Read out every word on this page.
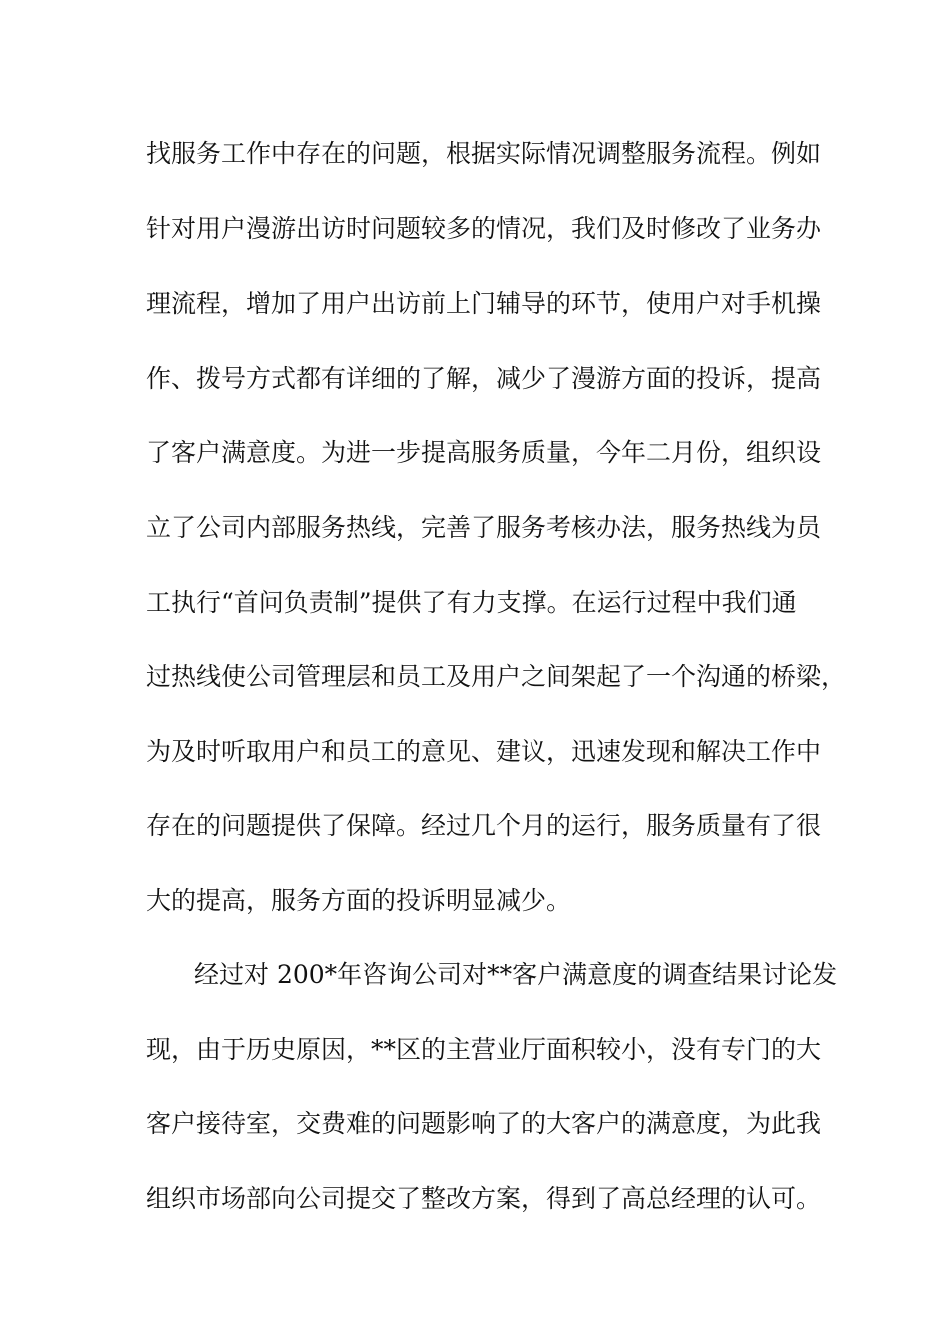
找服务工作中存在的问题，根据实际情况调整服务流程。例如
针对用户漫游出访时问题较多的情况，我们及时修改了业务办
理流程，增加了用户出访前上门辅导的环节，使用户对手机操
作、拨号方式都有详细的了解，减少了漫游方面的投诉，提高
了客户满意度。为进一步提高服务质量，今年二月份，组织设
立了公司内部服务热线，完善了服务考核办法，服务热线为员
工执行“首问负责制”提供了有力支撑。在运行过程中我们通
过热线使公司管理层和员工及用户之间架起了一个沟通的桥梁，
为及时听取用户和员工的意见、建议，迅速发现和解决工作中
存在的问题提供了保障。经过几个月的运行，服务质量有了很
大的提高，服务方面的投诉明显减少。
经过对 200*年咨询公司对**客户满意度的调查结果讨论发
现，由于历史原因，**区的主营业厅面积较小，没有专门的大
客户接待室，交费难的问题影响了的大客户的满意度，为此我
组织市场部向公司提交了整改方案，得到了高总经理的认可。
